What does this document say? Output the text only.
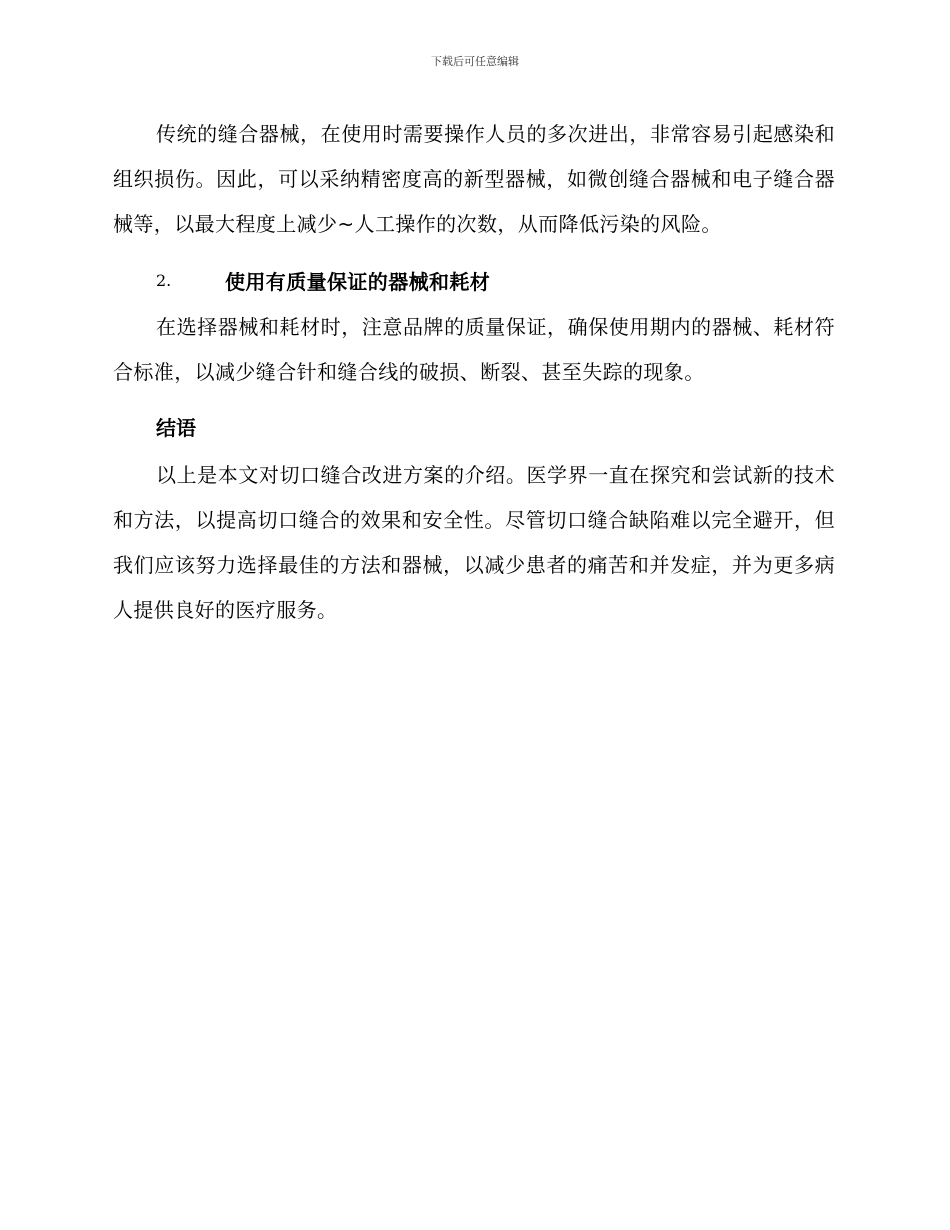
下载后可任意编辑

传统的缝合器械，在使用时需要操作人员的多次进出，非常容易引起感染和组织损伤。因此，可以采纳精密度高的新型器械，如微创缝合器械和电子缝合器械等，以最大程度上减少~人工操作的次数，从而降低污染的风险。

2.	使用有质量保证的器械和耗材

在选择器械和耗材时，注意品牌的质量保证，确保使用期内的器械、耗材符合标准，以减少缝合针和缝合线的破损、断裂、甚至失踪的现象。

结语

以上是本文对切口缝合改进方案的介绍。医学界一直在探究和尝试新的技术和方法，以提高切口缝合的效果和安全性。尽管切口缝合缺陷难以完全避开，但我们应该努力选择最佳的方法和器械，以减少患者的痛苦和并发症，并为更多病人提供良好的医疗服务。
